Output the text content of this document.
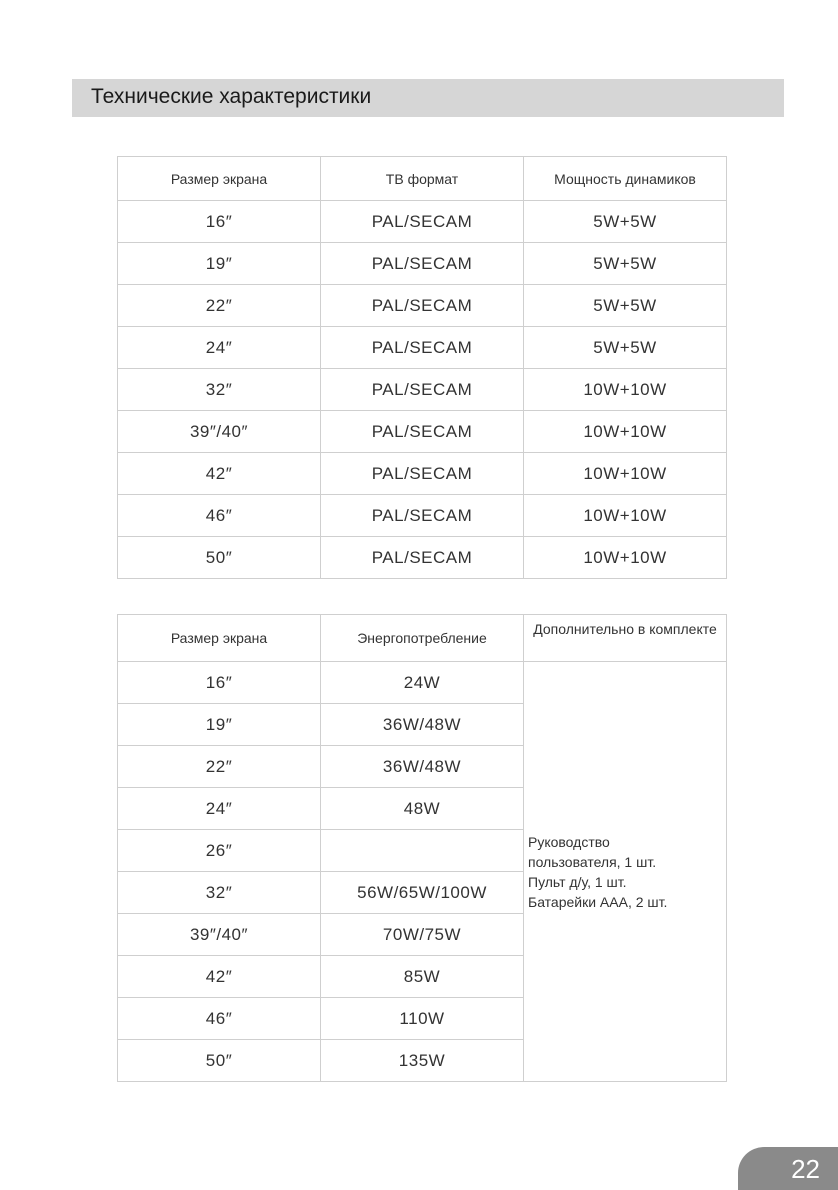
Технические характеристики
Размер экрана	ТВ формат	Мощность динамиков
16″	PAL/SECAM	5W+5W
19″	PAL/SECAM	5W+5W
22″	PAL/SECAM	5W+5W
24″	PAL/SECAM	5W+5W
32″	PAL/SECAM	10W+10W
39″/40″	PAL/SECAM	10W+10W
42″	PAL/SECAM	10W+10W
46″	PAL/SECAM	10W+10W
50″	PAL/SECAM	10W+10W
Размер экрана	Энергопотребление	Дополнительно в комплекте
16″	24W	Руководство
пользователя, 1 шт.
Пульт д/у, 1 шт.
Батарейки ААА, 2 шт.

19″	36W/48W	
22″	36W/48W	
24″	48W	
26″		
32″	56W/65W/100W	
39″/40″	70W/75W	
42″	85W	
46″	110W	
50″	135W	
22
